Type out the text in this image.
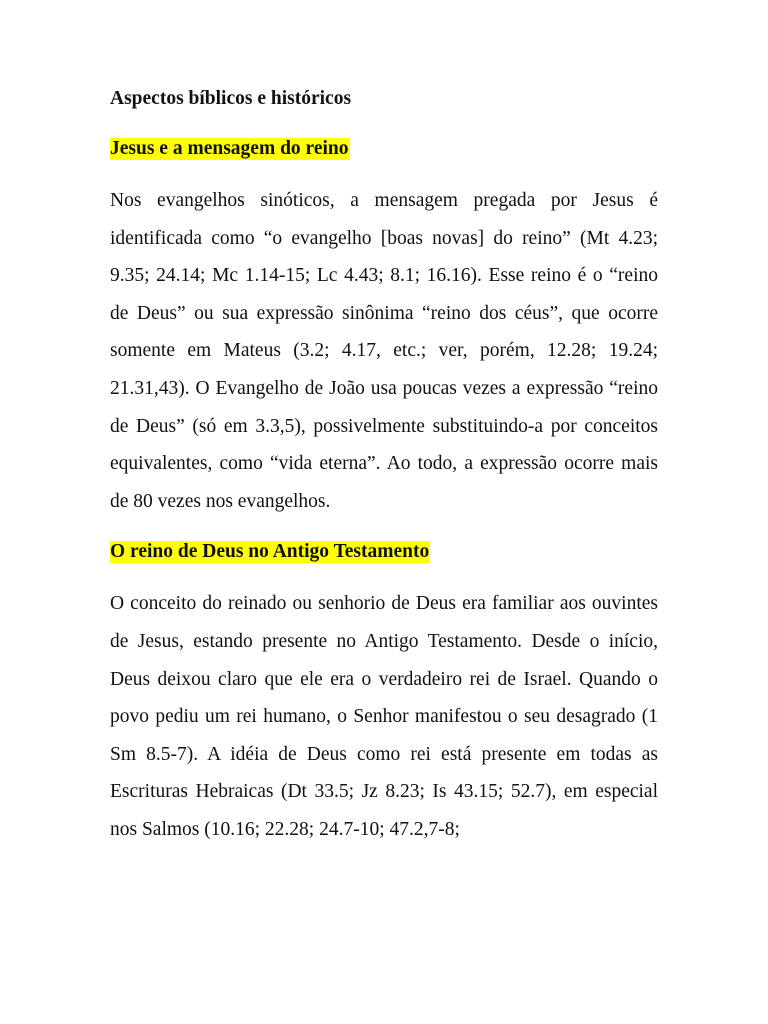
Aspectos bíblicos e históricos
Jesus e a mensagem do reino

Nos evangelhos sinóticos, a mensagem pregada por Jesus é identificada como “o evangelho [boas novas] do reino” (Mt 4.23; 9.35; 24.14; Mc 1.14-15; Lc 4.43; 8.1; 16.16). Esse reino é o “reino de Deus” ou sua expressão sinônima “reino dos céus”, que ocorre somente em Mateus (3.2; 4.17, etc.; ver, porém, 12.28; 19.24; 21.31,43). O Evangelho de João usa poucas vezes a expressão “reino de Deus” (só em 3.3,5), possivelmente substituindo-a por conceitos equivalentes, como “vida eterna”. Ao todo, a expressão ocorre mais de 80 vezes nos evangelhos.

O reino de Deus no Antigo Testamento

O conceito do reinado ou senhorio de Deus era familiar aos ouvintes de Jesus, estando presente no Antigo Testamento. Desde o início, Deus deixou claro que ele era o verdadeiro rei de Israel. Quando o povo pediu um rei humano, o Senhor manifestou o seu desagrado (1 Sm 8.5-7). A idéia de Deus como rei está presente em todas as Escrituras Hebraicas (Dt 33.5; Jz 8.23; Is 43.15; 52.7), em especial nos Salmos (10.16; 22.28; 24.7-10; 47.2,7-8;
